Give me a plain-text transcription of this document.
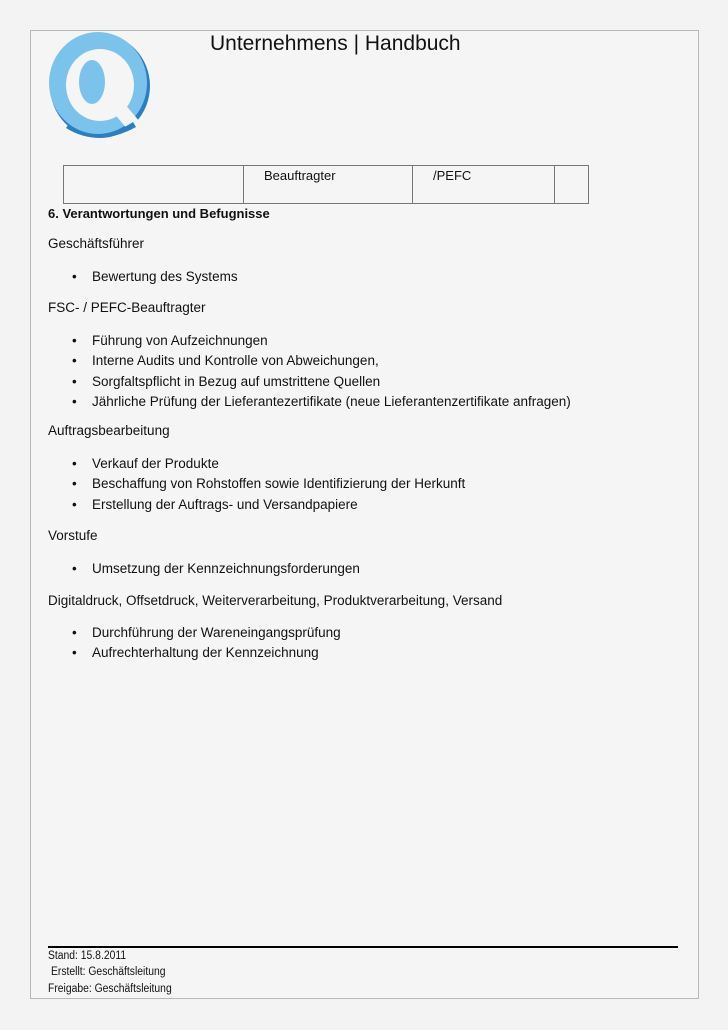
Unternehmens | Handbuch
	Beauftragter	/PEFC	
6. Verantwortungen und Befugnisse
Geschäftsführer
• Bewertung des Systems
FSC- / PEFC-Beauftragter
• Führung von Aufzeichnungen
• Interne Audits und Kontrolle von Abweichungen,
• Sorgfaltspflicht in Bezug auf umstrittene Quellen
• Jährliche Prüfung der Lieferantezertifikate (neue Lieferantenzertifikate anfragen)
Auftragsbearbeitung
• Verkauf der Produkte
• Beschaffung von Rohstoffen sowie Identifizierung der Herkunft
• Erstellung der Auftrags- und Versandpapiere
Vorstufe
• Umsetzung der Kennzeichnungsforderungen
Digitaldruck, Offsetdruck, Weiterverarbeitung, Produktverarbeitung, Versand
• Durchführung der Wareneingangsprüfung
• Aufrechterhaltung der Kennzeichnung
Stand: 15.8.2011
Erstellt: Geschäftsleitung
Freigabe: Geschäftsleitung
